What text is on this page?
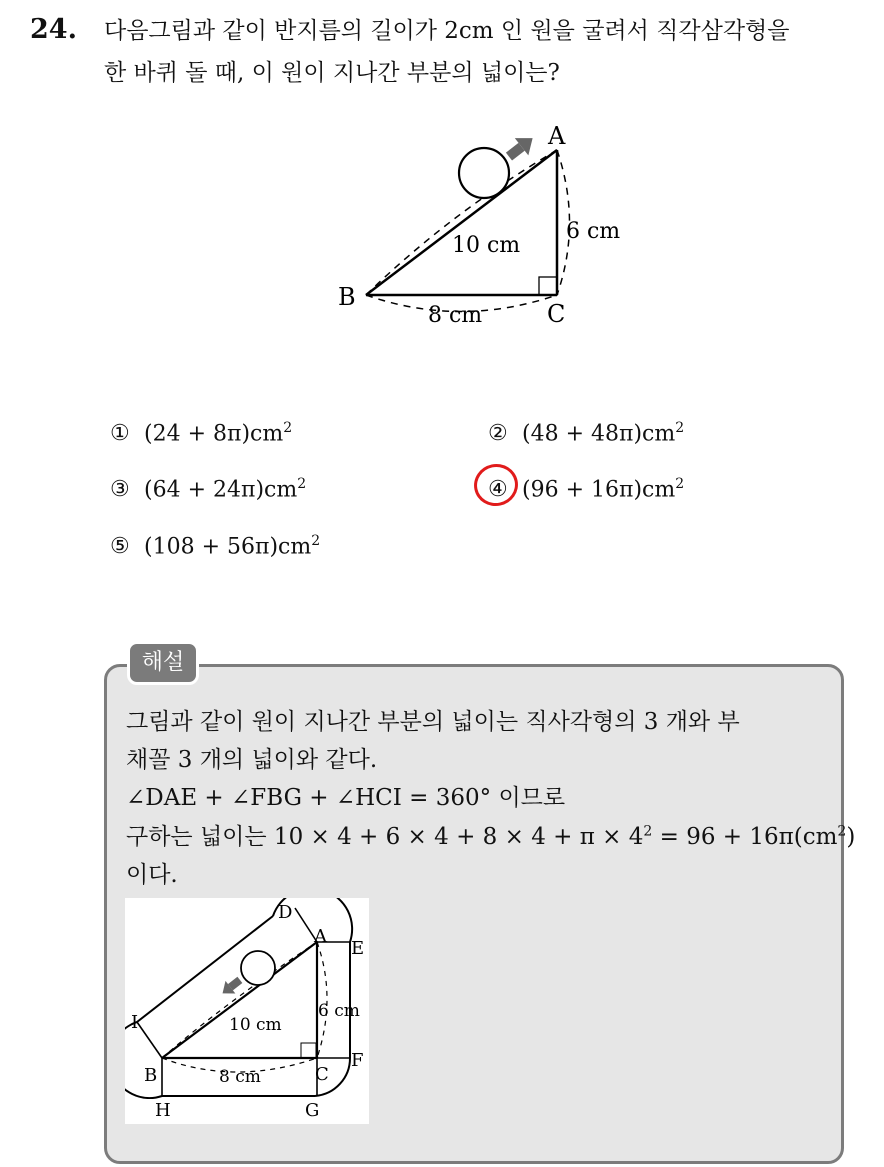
24. 다음그림과 같이 반지름의 길이가 2cm 인 원을 굴려서 직각삼각형을
한 바퀴 돌 때, 이 원이 지나간 부분의 넓이는?
A
B
C
10 cm
6 cm
8 cm
① $(24 + 8\pi)cm^2$	② $(48 + 48\pi)cm^2$
③ $(64 + 24\pi)cm^2$	④ $(96 + 16\pi)cm^2$
⑤ $(108 + 56\pi)cm^2$
해설
그림과 같이 원이 지나간 부분의 넓이는 직사각형의 3 개와 부
채꼴 3 개의 넓이와 같다.
∠DAE + ∠FBG + ∠HCI = 360° 이므로
구하는 넓이는 $10 \times 4 + 6 \times 4 + 8 \times 4 + \pi \times 4^2 = 96 + 16\pi(cm^2)$
이다.
D
A
E
F
G
H
I
B	C
10 cm
6 cm
8 cm
